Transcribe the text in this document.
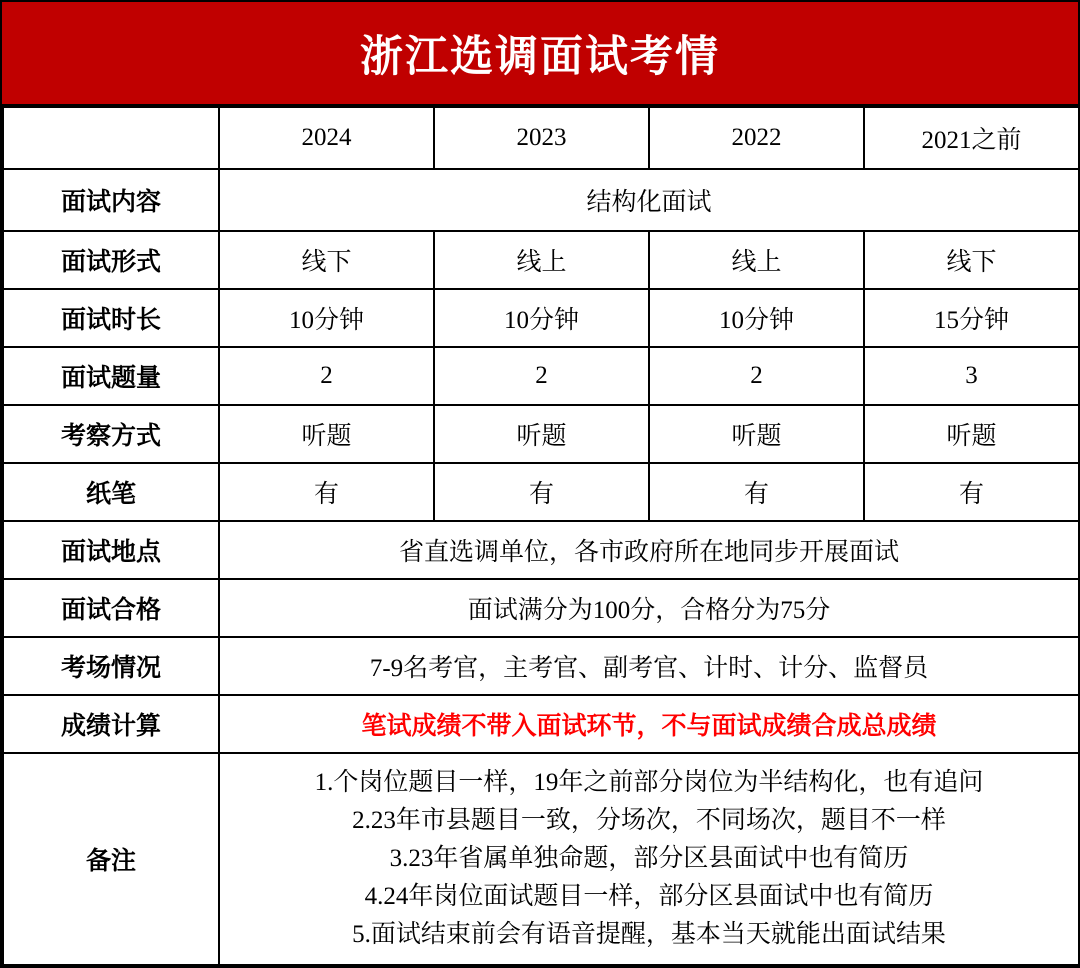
浙江选调面试考情
	2024	2023	2022	2021之前
面试内容	结构化面试			
面试形式	线下	线上	线上	线下
面试时长	10分钟	10分钟	10分钟	15分钟
面试题量	2	2	2	3
考察方式	听题	听题	听题	听题
纸笔	有	有	有	有
面试地点	省直选调单位，各市政府所在地同步开展面试			
面试合格	面试满分为100分，合格分为75分			
考场情况	7-9名考官，主考官、副考官、计时、计分、监督员			
成绩计算	笔试成绩不带入面试环节，不与面试成绩合成总成绩			
备注	1.个岗位题目一样，19年之前部分岗位为半结构化，也有追问
2.23年市县题目一致，分场次，不同场次，题目不一样
3.23年省属单独命题，部分区县面试中也有简历
4.24年岗位面试题目一样，部分区县面试中也有简历
5.面试结束前会有语音提醒，基本当天就能出面试结果			
